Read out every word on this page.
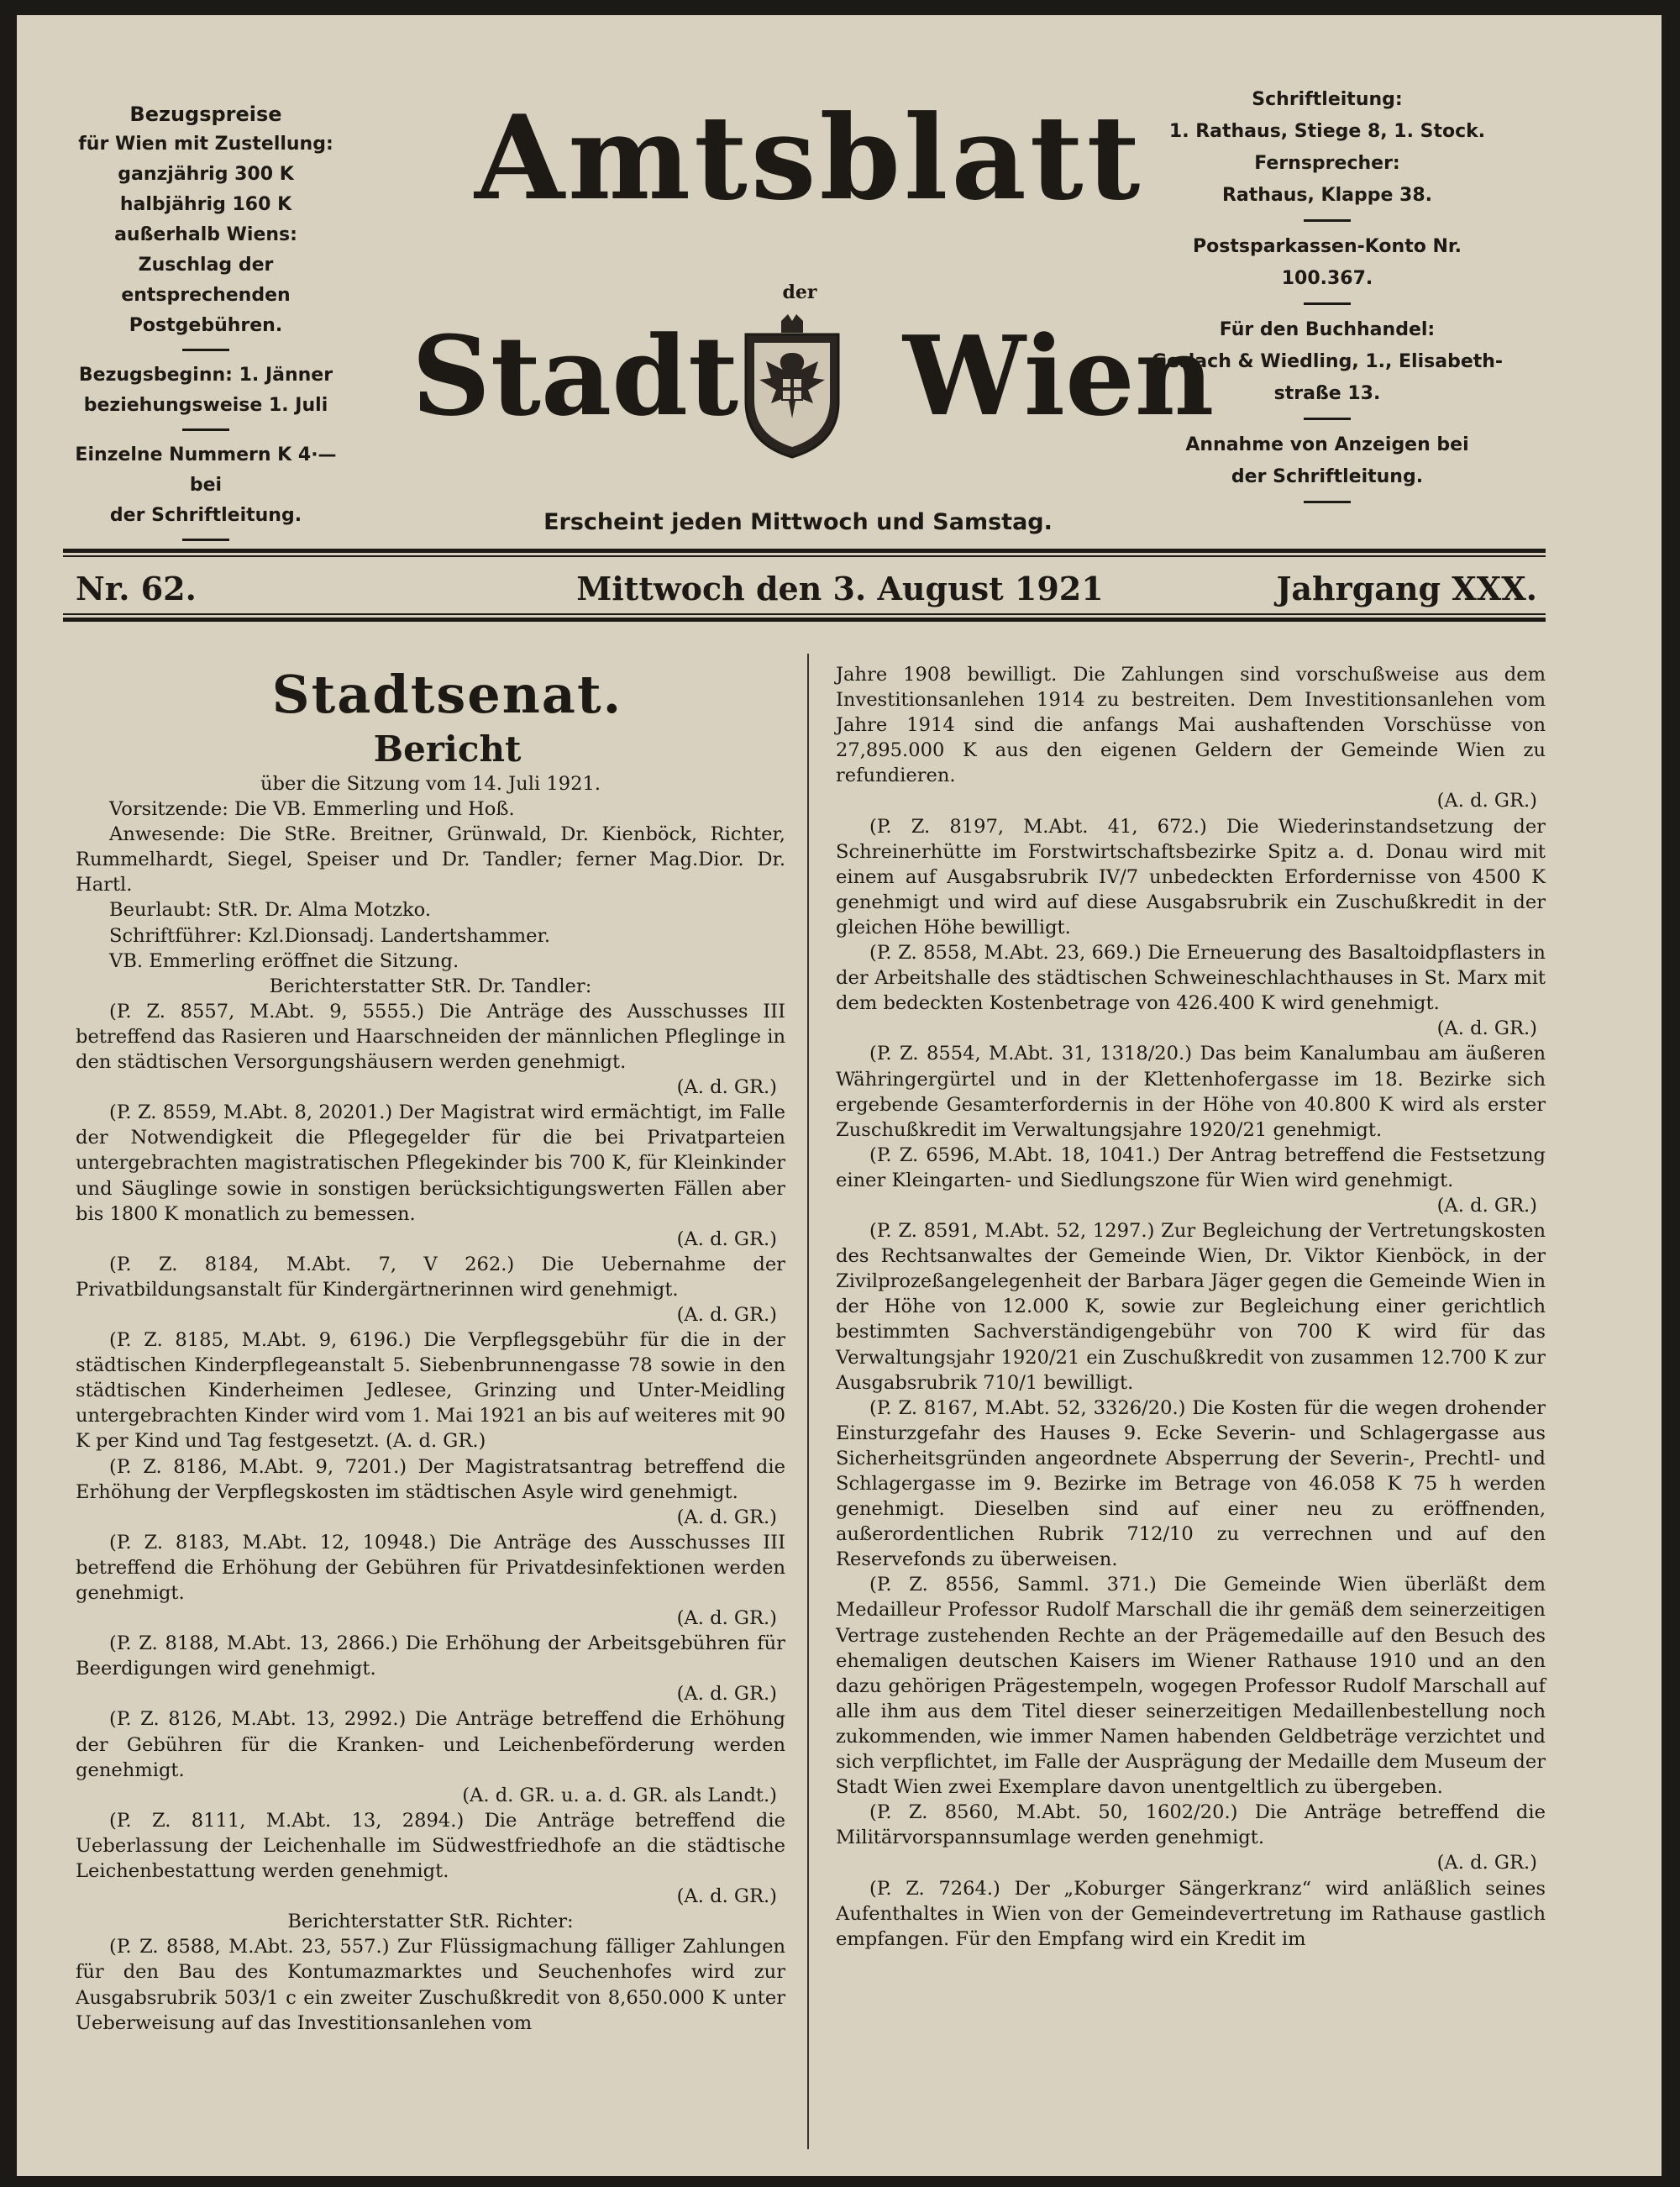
Bezugspreise
für Wien mit Zustellung:
ganzjährig 300 K
halbjährig 160 K
außerhalb Wiens:
Zuschlag der entsprechenden
Postgebühren.
Bezugsbeginn: 1. Jänner
beziehungsweise 1. Juli
Einzelne Nummern K 4·— bei
der Schriftleitung.
Amtsblatt
der
Stadt Wien
Schriftleitung:
1. Rathaus, Stiege 8, 1. Stock.
Fernsprecher:
Rathaus, Klappe 38.
Postsparkassen-Konto Nr. 100.367.
Für den Buchhandel:
Gerlach & Wiedling, 1., Elisabeth-
straße 13.
Annahme von Anzeigen bei
der Schriftleitung.
Erscheint jeden Mittwoch und Samstag.
Nr. 62.	Mittwoch den 3. August 1921	Jahrgang XXX.

Stadtsenat.

Bericht

über die Sitzung vom 14. Juli 1921.

Vorsitzende: Die VB. Emmerling und Hoß.

Anwesende: Die StRe. Breitner, Grünwald, Dr. Kienböck, Richter, Rummelhardt, Siegel, Speiser und Dr. Tandler; ferner Mag.Dior. Dr. Hartl.

Beurlaubt: StR. Dr. Alma Motzko.

Schriftführer: Kzl.Dionsadj. Landertshammer.

VB. Emmerling eröffnet die Sitzung.

Berichterstatter StR. Dr. Tandler:

(P. Z. 8557, M.Abt. 9, 5555.) Die Anträge des Ausschusses III betreffend das Rasieren und Haarschneiden der männlichen Pfleglinge in den städtischen Versorgungshäusern werden genehmigt.

(A. d. GR.)

(P. Z. 8559, M.Abt. 8, 20201.) Der Magistrat wird ermächtigt, im Falle der Notwendigkeit die Pflegegelder für die bei Privatparteien untergebrachten magistratischen Pflegekinder bis 700 K, für Kleinkinder und Säuglinge sowie in sonstigen berücksichtigungswerten Fällen aber bis 1800 K monatlich zu bemessen.

(A. d. GR.)

(P. Z. 8184, M.Abt. 7, V 262.) Die Uebernahme der Privatbildungsanstalt für Kindergärtnerinnen wird genehmigt.

(A. d. GR.)

(P. Z. 8185, M.Abt. 9, 6196.) Die Verpflegsgebühr für die in der städtischen Kinderpflegeanstalt 5. Siebenbrunnengasse 78 sowie in den städtischen Kinderheimen Jedlesee, Grinzing und Unter-Meidling untergebrachten Kinder wird vom 1. Mai 1921 an bis auf weiteres mit 90 K per Kind und Tag festgesetzt. (A. d. GR.)

(P. Z. 8186, M.Abt. 9, 7201.) Der Magistratsantrag betreffend die Erhöhung der Verpflegskosten im städtischen Asyle wird genehmigt.

(A. d. GR.)

(P. Z. 8183, M.Abt. 12, 10948.) Die Anträge des Ausschusses III betreffend die Erhöhung der Gebühren für Privatdesinfektionen werden genehmigt.

(A. d. GR.)

(P. Z. 8188, M.Abt. 13, 2866.) Die Erhöhung der Arbeitsgebühren für Beerdigungen wird genehmigt.

(A. d. GR.)

(P. Z. 8126, M.Abt. 13, 2992.) Die Anträge betreffend die Erhöhung der Gebühren für die Kranken- und Leichenbeförderung werden genehmigt.

(A. d. GR. u. a. d. GR. als Landt.)

(P. Z. 8111, M.Abt. 13, 2894.) Die Anträge betreffend die Ueberlassung der Leichenhalle im Südwestfriedhofe an die städtische Leichenbestattung werden genehmigt.

(A. d. GR.)

Berichterstatter StR. Richter:

(P. Z. 8588, M.Abt. 23, 557.) Zur Flüssigmachung fälliger Zahlungen für den Bau des Kontumazmarktes und Seuchenhofes wird zur Ausgabsrubrik 503/1 c ein zweiter Zuschußkredit von 8,650.000 K unter Ueberweisung auf das Investitionsanlehen vom

Jahre 1908 bewilligt. Die Zahlungen sind vorschußweise aus dem Investitionsanlehen 1914 zu bestreiten. Dem Investitionsanlehen vom Jahre 1914 sind die anfangs Mai aushaftenden Vorschüsse von 27,895.000 K aus den eigenen Geldern der Gemeinde Wien zu refundieren.

(A. d. GR.)

(P. Z. 8197, M.Abt. 41, 672.) Die Wiederinstandsetzung der Schreinerhütte im Forstwirtschaftsbezirke Spitz a. d. Donau wird mit einem auf Ausgabsrubrik IV/7 unbedeckten Erfordernisse von 4500 K genehmigt und wird auf diese Ausgabsrubrik ein Zuschußkredit in der gleichen Höhe bewilligt.

(P. Z. 8558, M.Abt. 23, 669.) Die Erneuerung des Basaltoidpflasters in der Arbeitshalle des städtischen Schweineschlachthauses in St. Marx mit dem bedeckten Kostenbetrage von 426.400 K wird genehmigt.

(A. d. GR.)

(P. Z. 8554, M.Abt. 31, 1318/20.) Das beim Kanalumbau am äußeren Währingergürtel und in der Klettenhofergasse im 18. Bezirke sich ergebende Gesamterfordernis in der Höhe von 40.800 K wird als erster Zuschußkredit im Verwaltungsjahre 1920/21 genehmigt.

(P. Z. 6596, M.Abt. 18, 1041.) Der Antrag betreffend die Festsetzung einer Kleingarten- und Siedlungszone für Wien wird genehmigt.

(A. d. GR.)

(P. Z. 8591, M.Abt. 52, 1297.) Zur Begleichung der Vertretungskosten des Rechtsanwaltes der Gemeinde Wien, Dr. Viktor Kienböck, in der Zivilprozeßangelegenheit der Barbara Jäger gegen die Gemeinde Wien in der Höhe von 12.000 K, sowie zur Begleichung einer gerichtlich bestimmten Sachverständigengebühr von 700 K wird für das Verwaltungsjahr 1920/21 ein Zuschußkredit von zusammen 12.700 K zur Ausgabsrubrik 710/1 bewilligt.

(P. Z. 8167, M.Abt. 52, 3326/20.) Die Kosten für die wegen drohender Einsturzgefahr des Hauses 9. Ecke Severin- und Schlagergasse aus Sicherheitsgründen angeordnete Absperrung der Severin-, Prechtl- und Schlagergasse im 9. Bezirke im Betrage von 46.058 K 75 h werden genehmigt. Dieselben sind auf einer neu zu eröffnenden, außerordentlichen Rubrik 712/10 zu verrechnen und auf den Reservefonds zu überweisen.

(P. Z. 8556, Samml. 371.) Die Gemeinde Wien überläßt dem Medailleur Professor Rudolf Marschall die ihr gemäß dem seinerzeitigen Vertrage zustehenden Rechte an der Prägemedaille auf den Besuch des ehemaligen deutschen Kaisers im Wiener Rathause 1910 und an den dazu gehörigen Prägestempeln, wogegen Professor Rudolf Marschall auf alle ihm aus dem Titel dieser seinerzeitigen Medaillenbestellung noch zukommenden, wie immer Namen habenden Geldbeträge verzichtet und sich verpflichtet, im Falle der Ausprägung der Medaille dem Museum der Stadt Wien zwei Exemplare davon unentgeltlich zu übergeben.

(P. Z. 8560, M.Abt. 50, 1602/20.) Die Anträge betreffend die Militärvorspannsumlage werden genehmigt.

(A. d. GR.)

(P. Z. 7264.) Der „Koburger Sängerkranz“ wird anläßlich seines Aufenthaltes in Wien von der Gemeindevertretung im Rathause gastlich empfangen. Für den Empfang wird ein Kredit im
